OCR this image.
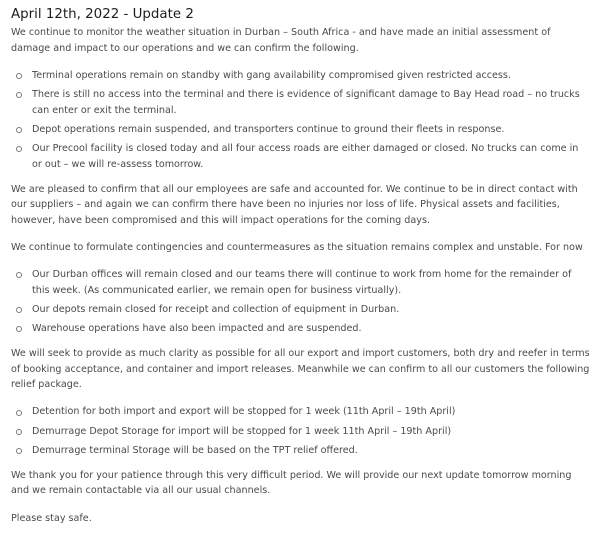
April 12th, 2022 - Update 2

We continue to monitor the weather situation in Durban – South Africa - and have made an initial assessment of damage and impact to our operations and we can confirm the following.

Terminal operations remain on standby with gang availability compromised given restricted access.
There is still no access into the terminal and there is evidence of significant damage to Bay Head road – no trucks can enter or exit the terminal.
Depot operations remain suspended, and transporters continue to ground their fleets in response.
Our Precool facility is closed today and all four access roads are either damaged or closed. No trucks can come in or out – we will re-assess tomorrow.

We are pleased to confirm that all our employees are safe and accounted for. We continue to be in direct contact with our suppliers – and again we can confirm there have been no injuries nor loss of life. Physical assets and facilities, however, have been compromised and this will impact operations for the coming days.

We continue to formulate contingencies and countermeasures as the situation remains complex and unstable. For now

Our Durban offices will remain closed and our teams there will continue to work from home for the remainder of this week. (As communicated earlier, we remain open for business virtually).
Our depots remain closed for receipt and collection of equipment in Durban.
Warehouse operations have also been impacted and are suspended.

We will seek to provide as much clarity as possible for all our export and import customers, both dry and reefer in terms of booking acceptance, and container and import releases. Meanwhile we can confirm to all our customers the following relief package.

Detention for both import and export will be stopped for 1 week (11th April – 19th April)
Demurrage Depot Storage for import will be stopped for 1 week 11th April – 19th April)
Demurrage terminal Storage will be based on the TPT relief offered.

We thank you for your patience through this very difficult period. We will provide our next update tomorrow morning and we remain contactable via all our usual channels.

Please stay safe.
